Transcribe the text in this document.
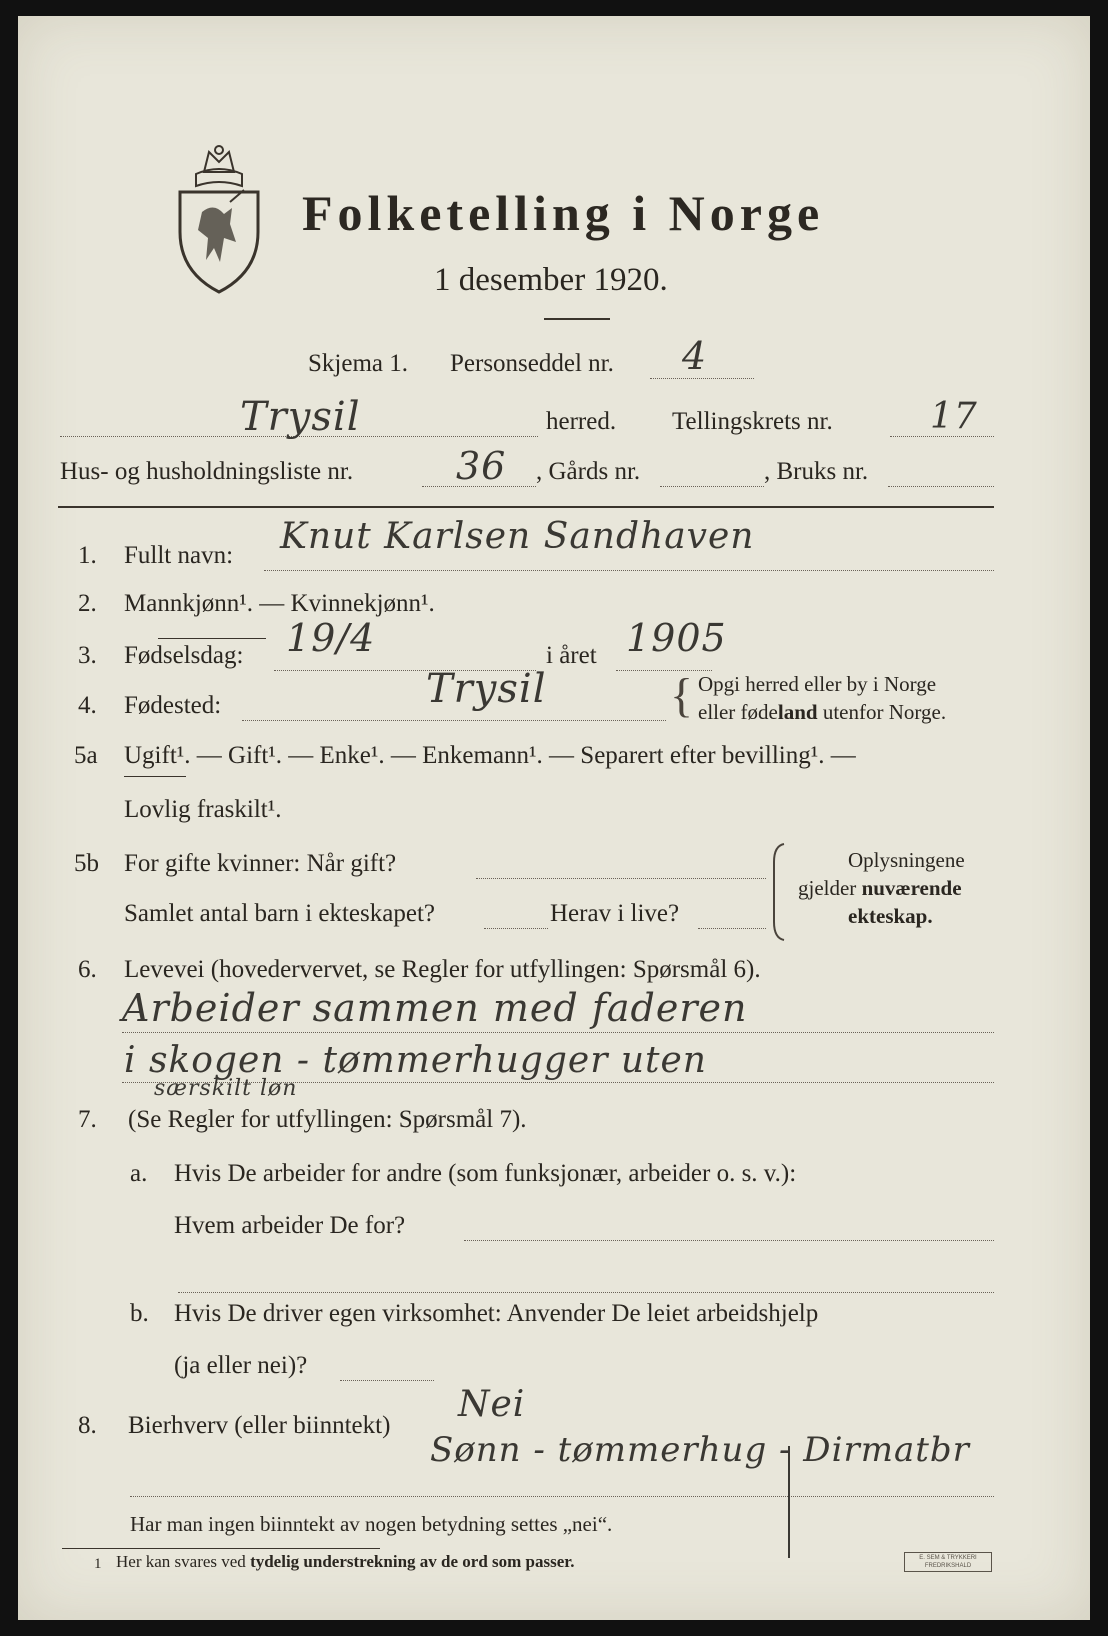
Folketelling i Norge
1 desember 1920.
Skjema 1. Personseddel nr. 4
Trysil	herred. Tellingskrets nr.	17
Hus- og husholdningsliste nr.	36 , Gårds nr.	, Bruks nr.
1. Fullt navn: Knut Karlsen Sandhaven
2. Mannkjønn¹. — Kvinnekjønn¹.
3. Fødselsdag: 19/4	i året 1905
4. Fødested:	Trysil	{ Opgi herred eller by i Norge
eller fødeland utenfor Norge.
5a Ugift¹. — Gift¹. — Enke¹. — Enkemann¹. — Separert efter bevilling¹. —
Lovlig fraskilt¹.
5b For gifte kvinner: Når gift?
Samlet antal barn i ekteskapet?	Herav i live?
Oplysningene
gjelder nuværende
ekteskap.
6. Levevei (hovedervervet, se Regler for utfyllingen: Spørsmål 6).
Arbeider sammen med faderen
i skogen - tømmerhugger uten
særskilt løn
7. (Se Regler for utfyllingen: Spørsmål 7).
a. Hvis De arbeider for andre (som funksjonær, arbeider o. s. v.):
Hvem arbeider De for?
b. Hvis De driver egen virksomhet: Anvender De leiet arbeidshjelp
(ja eller nei)?
8. Bierhverv (eller biinntekt)
Nei
Sønn - tømmerhug - Dirmatbr
Har man ingen biinntekt av nogen betydning settes „nei“.
1 Her kan svares ved tydelig understrekning av de ord som passer.	E. SEM & TRYKKERI FREDRIKSHALD
